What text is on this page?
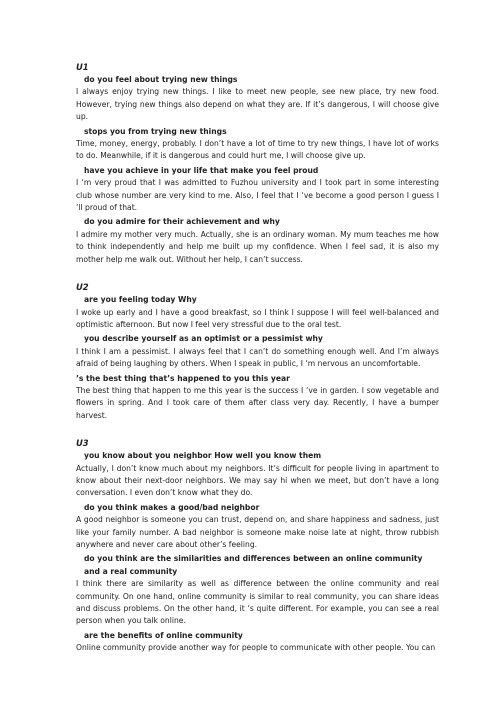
U1

do you feel about trying new things

I always enjoy trying new things. I like to meet new people, see new place, try new food. However, trying new things also depend on what they are. If it’s dangerous, I will choose give up.

stops you from trying new things

Time, money, energy, probably. I don’t have a lot of time to try new things, I have lot of works to do. Meanwhile, if it is dangerous and could hurt me, I will choose give up.

have you achieve in your life that make you feel proud

I ‘m very proud that I was admitted to Fuzhou university and I took part in some interesting club whose number are very kind to me. Also, I feel that I ‘ve become a good person I guess I ‘ll proud of that.

do you admire for their achievement and why

I admire my mother very much. Actually, she is an ordinary woman. My mum teaches me how to think independently and help me built up my confidence. When I feel sad, it is also my mother help me walk out. Without her help, I can’t success.

U2

are you feeling today Why

I woke up early and I have a good breakfast, so I think I suppose I will feel well-balanced and optimistic afternoon. But now I feel very stressful due to the oral test.

you describe yourself as an optimist or a pessimist why

I think I am a pessimist. I always feel that I can’t do something enough well. And I’m always afraid of being laughing by others. When I speak in public, I ‘m nervous an uncomfortable.

’s the best thing that’s happened to you this year

The best thing that happen to me this year is the success I ‘ve in garden. I sow vegetable and flowers in spring. And I took care of them after class very day. Recently, I have a bumper harvest.

U3

you know about you neighbor How well you know them

Actually, I don’t know much about my neighbors. It’s difficult for people living in apartment to know about their next-door neighbors. We may say hi when we meet, but don’t have a long conversation. I even don’t know what they do.

do you think makes a good/bad neighbor

A good neighbor is someone you can trust, depend on, and share happiness and sadness, just like your family number. A bad neighbor is someone make noise late at night, throw rubbish anywhere and never care about other’s feeling.

do you think are the similarities and differences between an online community and a real community

I think there are similarity as well as difference between the online community and real community. On one hand, online community is similar to real community, you can share ideas and discuss problems. On the other hand, it ‘s quite different. For example, you can see a real person when you talk online.

are the benefits of online community

Online community provide another way for people to communicate with other people. You can
